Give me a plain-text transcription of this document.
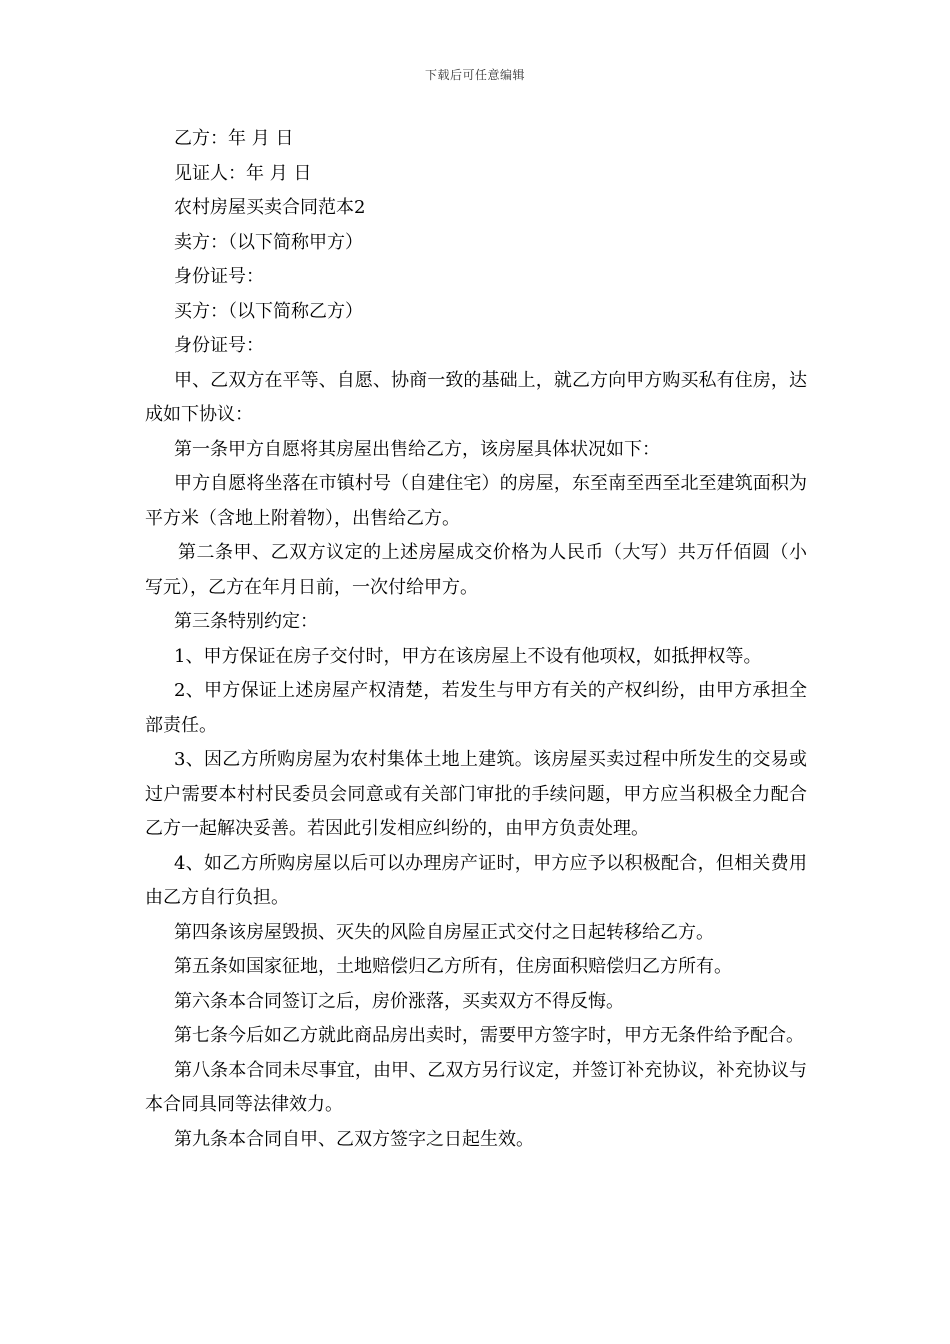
下载后可任意编辑
乙方：年 月 日
见证人：年 月 日
农村房屋买卖合同范本2
卖方：（以下简称甲方）
身份证号：
买方：（以下简称乙方）
身份证号：
甲、乙双方在平等、自愿、协商一致的基础上，就乙方向甲方购买私有住房，达成如下协议：
第一条甲方自愿将其房屋出售给乙方，该房屋具体状况如下：
甲方自愿将坐落在市镇村号（自建住宅）的房屋，东至南至西至北至建筑面积为平方米（含地上附着物），出售给乙方。
第二条甲、乙双方议定的上述房屋成交价格为人民币（大写）共万仟佰圆（小写元），乙方在年月日前，一次付给甲方。
第三条特别约定：
1、甲方保证在房子交付时，甲方在该房屋上不设有他项权，如抵押权等。
2、甲方保证上述房屋产权清楚，若发生与甲方有关的产权纠纷，由甲方承担全部责任。
3、因乙方所购房屋为农村集体土地上建筑。该房屋买卖过程中所发生的交易或过户需要本村村民委员会同意或有关部门审批的手续问题，甲方应当积极全力配合乙方一起解决妥善。若因此引发相应纠纷的，由甲方负责处理。
4、如乙方所购房屋以后可以办理房产证时，甲方应予以积极配合，但相关费用由乙方自行负担。
第四条该房屋毁损、灭失的风险自房屋正式交付之日起转移给乙方。
第五条如国家征地，土地赔偿归乙方所有，住房面积赔偿归乙方所有。
第六条本合同签订之后，房价涨落，买卖双方不得反悔。
第七条今后如乙方就此商品房出卖时，需要甲方签字时，甲方无条件给予配合。
第八条本合同未尽事宜，由甲、乙双方另行议定，并签订补充协议，补充协议与本合同具同等法律效力。
第九条本合同自甲、乙双方签字之日起生效。
